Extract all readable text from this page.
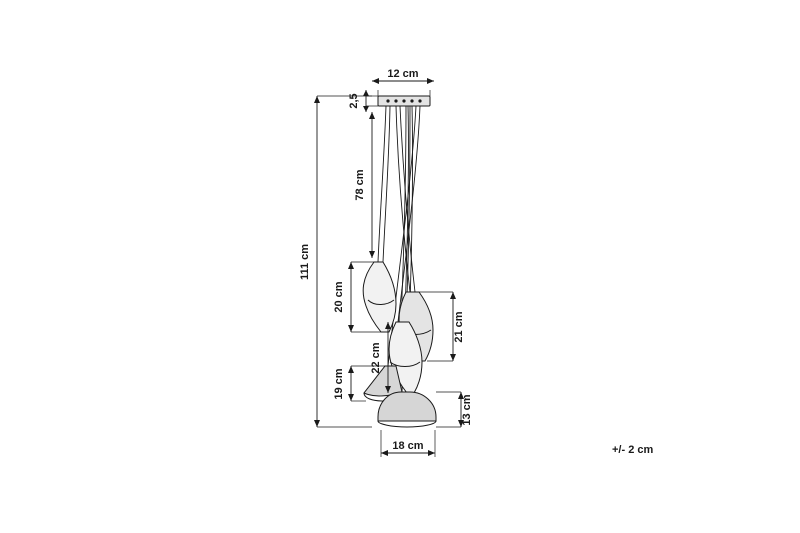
111 cm
12 cm
2,5
78 cm
20 cm
21 cm
22 cm
19 cm
13 cm
18 cm	+/- 2 cm
